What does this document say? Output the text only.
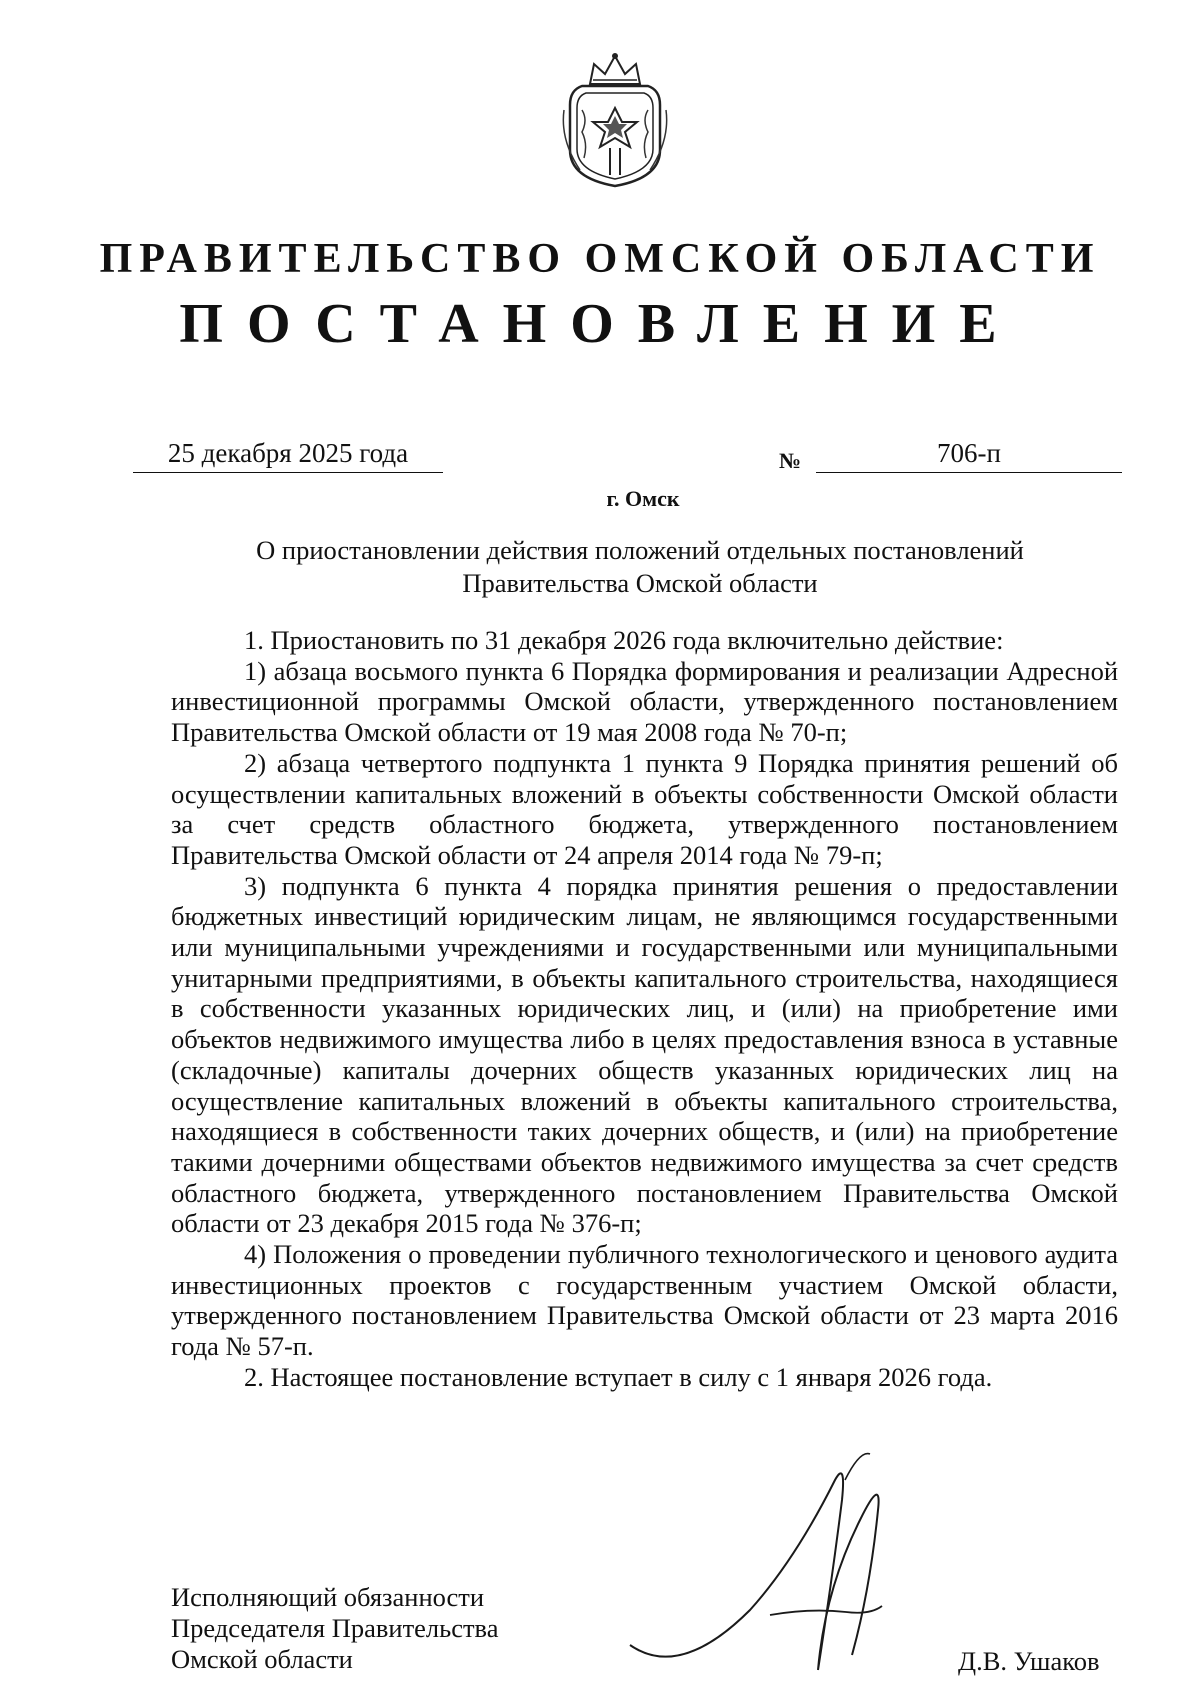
ПРАВИТЕЛЬСТВО ОМСКОЙ ОБЛАСТИ
ПОСТАНОВЛЕНИЕ
25 декабря 2025 года	№	706-п
г. Омск
О приостановлении действия положений отдельных постановлений
Правительства Омской области

1. Приостановить по 31 декабря 2026 года включительно действие:

1) абзаца восьмого пункта 6 Порядка формирования и реализации Адресной инвестиционной программы Омской области, утвержденного постановлением Правительства Омской области от 19 мая 2008 года № 70-п;

2) абзаца четвертого подпункта 1 пункта 9 Порядка принятия решений об осуществлении капитальных вложений в объекты собственности Омской области за счет средств областного бюджета, утвержденного постановлением Правительства Омской области от 24 апреля 2014 года № 79-п;

3) подпункта 6 пункта 4 порядка принятия решения о предоставлении бюджетных инвестиций юридическим лицам, не являющимся государственными или муниципальными учреждениями и государственными или муниципальными унитарными предприятиями, в объекты капитального строительства, находящиеся в собственности указанных юридических лиц, и (или) на приобретение ими объектов недвижимого имущества либо в целях предоставления взноса в уставные (складочные) капиталы дочерних обществ указанных юридических лиц на осуществление капитальных вложений в объекты капитального строительства, находящиеся в собственности таких дочерних обществ, и (или) на приобретение такими дочерними обществами объектов недвижимого имущества за счет средств областного бюджета, утвержденного постановлением Правительства Омской области от 23 декабря 2015 года № 376-п;

4) Положения о проведении публичного технологического и ценового аудита инвестиционных проектов с государственным участием Омской области, утвержденного постановлением Правительства Омской области от 23 марта 2016 года № 57-п.

2. Настоящее постановление вступает в силу с 1 января 2026 года.

Исполняющий обязанности
Председателя Правительства
Омской области	Д.В. Ушаков
